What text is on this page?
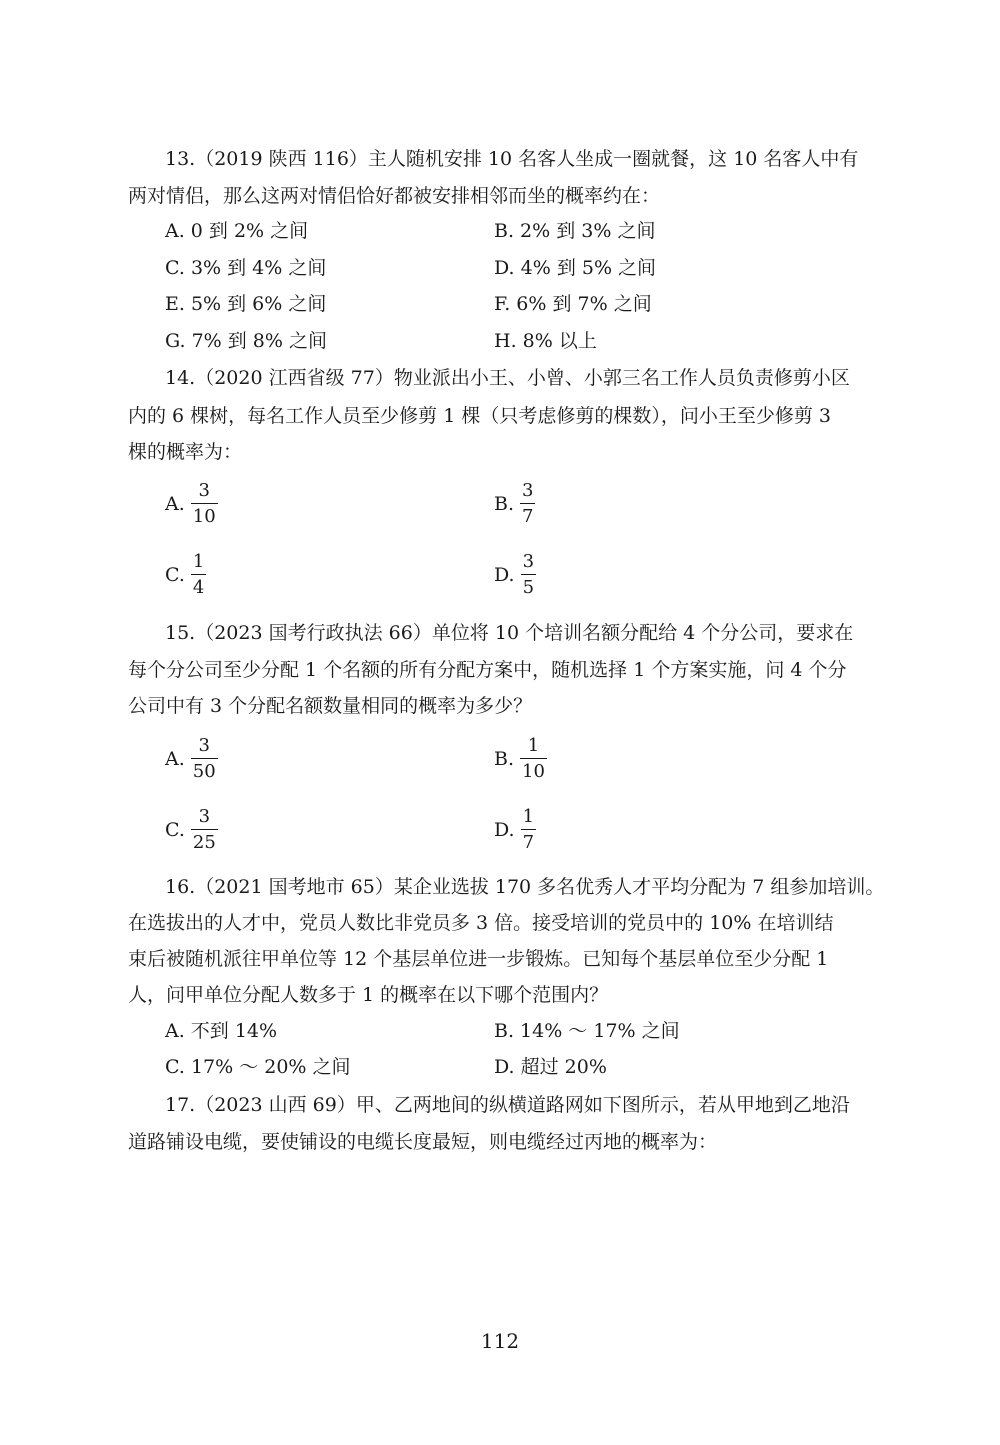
13.（2019 陕西 116）主人随机安排 10 名客人坐成一圈就餐，这 10 名客人中有
两对情侣，那么这两对情侣恰好都被安排相邻而坐的概率约在：
A. 0 到 2% 之间	B. 2% 到 3% 之间
C. 3% 到 4% 之间	D. 4% 到 5% 之间
E. 5% 到 6% 之间	F. 6% 到 7% 之间
G. 7% 到 8% 之间	H. 8% 以上
14.（2020 江西省级 77）物业派出小王、小曾、小郭三名工作人员负责修剪小区
内的 6 棵树，每名工作人员至少修剪 1 棵（只考虑修剪的棵数），问小王至少修剪 3
棵的概率为：
A. $\frac{3}{10}$	B. $\frac{3}{7}$
C. $\frac{1}{4}$	D. $\frac{3}{5}$
15.（2023 国考行政执法 66）单位将 10 个培训名额分配给 4 个分公司，要求在
每个分公司至少分配 1 个名额的所有分配方案中，随机选择 1 个方案实施，问 4 个分
公司中有 3 个分配名额数量相同的概率为多少？
A. $\frac{3}{50}$	B. $\frac{1}{10}$
C. $\frac{3}{25}$	D. $\frac{1}{7}$
16.（2021 国考地市 65）某企业选拔 170 多名优秀人才平均分配为 7 组参加培训。
在选拔出的人才中，党员人数比非党员多 3 倍。接受培训的党员中的 10% 在培训结
束后被随机派往甲单位等 12 个基层单位进一步锻炼。已知每个基层单位至少分配 1
人，问甲单位分配人数多于 1 的概率在以下哪个范围内？
A. 不到 14%	B. 14% ～ 17% 之间
C. 17% ～ 20% 之间	D. 超过 20%
17.（2023 山西 69）甲、乙两地间的纵横道路网如下图所示，若从甲地到乙地沿
道路铺设电缆，要使铺设的电缆长度最短，则电缆经过丙地的概率为：
112
